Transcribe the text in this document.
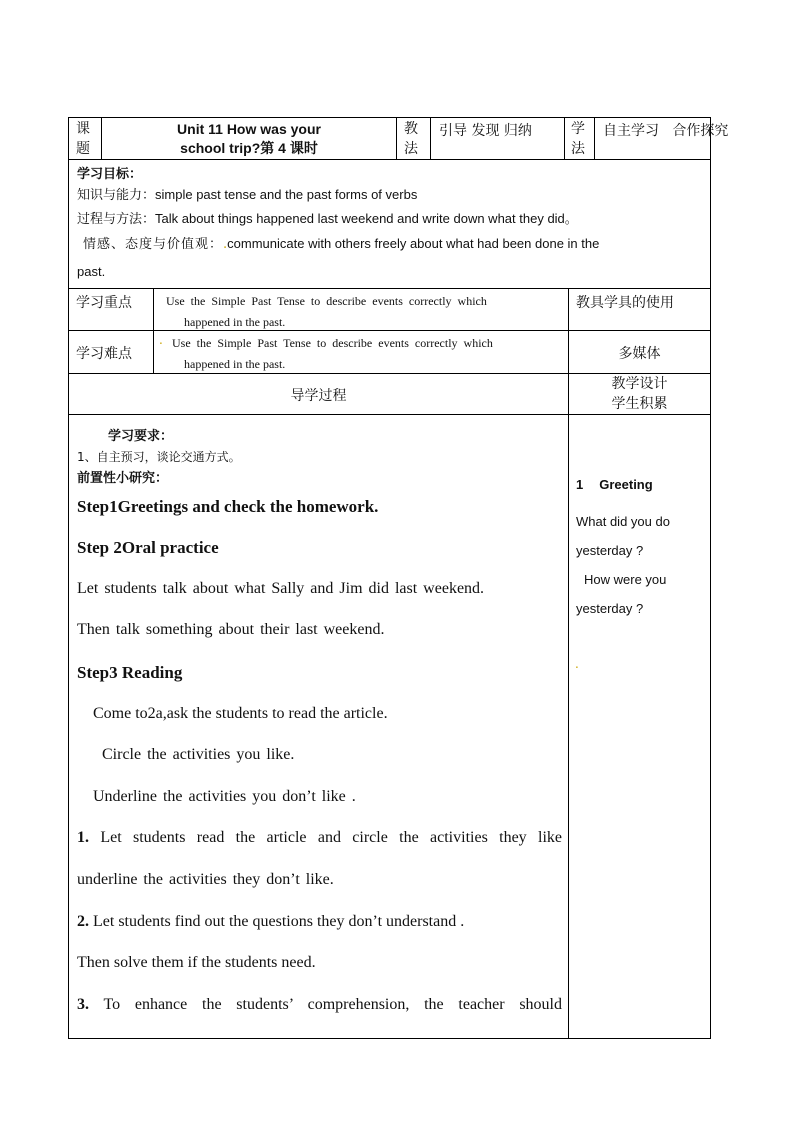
课
题
Unit 11 How was your
school trip?第 4 课时
教
法
引导 发现 归纳	学
法
自主学习   合作探究
学习目标：
知识与能力：simple past tense and the past forms of verbs
过程与方法：Talk about things happened last weekend and write down what they did。
情感、态度与价值观：.communicate with others freely about what had been done in the
past.
学习重点	Use  the  Simple  Past  Tense  to  describe  events  correctly  which
happened in the past.
教具学具的使用
学习难点
. Use  the  Simple  Past  Tense  to  describe  events  correctly  which
happened in the past.
多媒体
导学过程
教学设计
学生积累
学习要求：
1、自主预习，谈论交通方式。
前置性小研究：
Step1Greetings and check the homework.
Step 2Oral practice
Let students talk about what Sally and Jim did last weekend.
Then talk something about their last weekend.
Step3 Reading
Come to2a,ask the students to read the article.
Circle the activities you like.
Underline the activities you don’t like .
1. Let students read the article and circle the activities they like
underline the activities they don’t like.
2. Let students find out the questions they don’t understand .
Then solve them if the students need.
3. To enhance the students’ comprehension, the teacher should
1 Greeting
What did you do
yesterday ?
How were you
yesterday ?
.
